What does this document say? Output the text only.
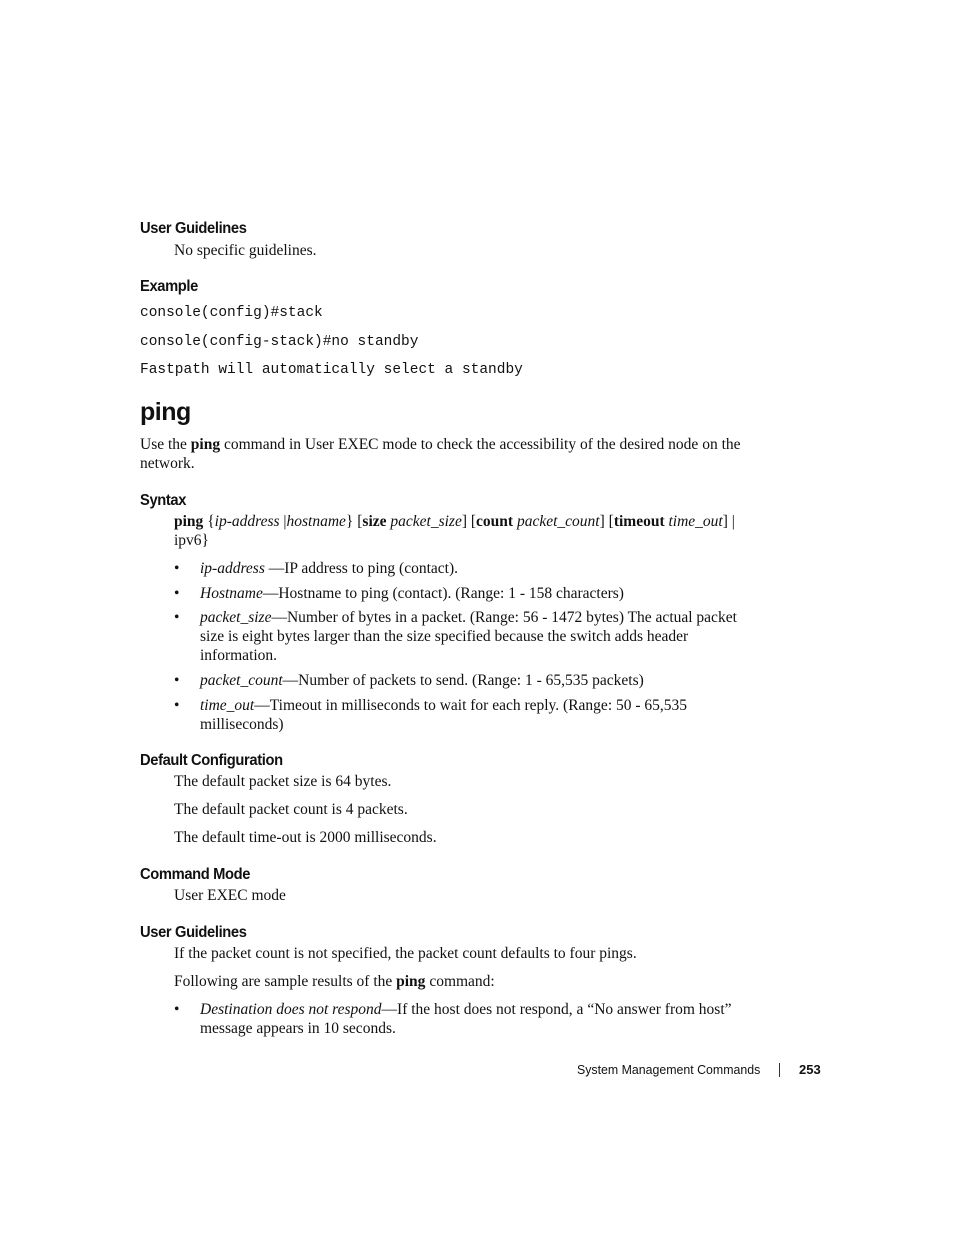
User Guidelines

No specific guidelines.

Example
console(config)#stack
console(config-stack)#no standby
Fastpath will automatically select a standby
ping

Use the ping command in User EXEC mode to check the accessibility of the desired node on the network.

Syntax

ping {ip-address |hostname} [size packet_size] [count packet_count] [timeout time_out] | ipv6}

• ip-address —IP address to ping (contact).

• Hostname—Hostname to ping (contact). (Range: 1 - 158 characters)

• packet_size—Number of bytes in a packet. (Range: 56 - 1472 bytes) The actual packet size is eight bytes larger than the size specified because the switch adds header information.

• packet_count—Number of packets to send. (Range: 1 - 65,535 packets)

• time_out—Timeout in milliseconds to wait for each reply. (Range: 50 - 65,535 milliseconds)

Default Configuration

The default packet size is 64 bytes.

The default packet count is 4 packets.

The default time-out is 2000 milliseconds.

Command Mode

User EXEC mode

User Guidelines

If the packet count is not specified, the packet count defaults to four pings.

Following are sample results of the ping command:

• Destination does not respond—If the host does not respond, a “No answer from host” message appears in 10 seconds.

System Management Commands	253
